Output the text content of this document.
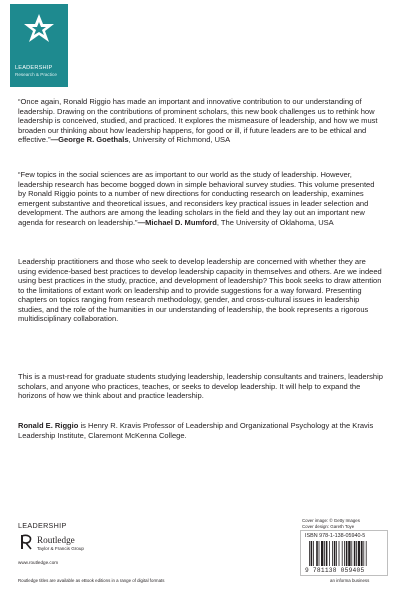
LEADERSHIP
Research & Practice
“Once again, Ronald Riggio has made an important and innovative contribution to our understanding of leadership. Drawing on the contributions of prominent scholars, this new book challenges us to rethink how leadership is conceived, studied, and practiced. It explores the mismeasure of leadership, and how we must broaden our thinking about how leadership happens, for good or ill, if future leaders are to be ethical and effective.”—George R. Goethals, University of Richmond, USA
“Few topics in the social sciences are as important to our world as the study of leadership. However, leadership research has become bogged down in simple behavioral survey studies. This volume presented by Ronald Riggio points to a number of new directions for conducting research on leadership, examines emergent substantive and theoretical issues, and reconsiders key practical issues in leader selection and development. The authors are among the leading scholars in the field and they lay out an important new agenda for research on leadership.”—Michael D. Mumford, The University of Oklahoma, USA
Leadership practitioners and those who seek to develop leadership are concerned with whether they are using evidence-based best practices to develop leadership capacity in themselves and others. Are we indeed using best practices in the study, practice, and development of leadership? This book seeks to draw attention to the limitations of extant work on leadership and to provide suggestions for a way forward. Presenting chapters on topics ranging from research methodology, gender, and cross-cultural issues in leadership studies, and the role of the humanities in our understanding of leadership, the book represents a rigorous multidisciplinary collaboration.
This is a must-read for graduate students studying leadership, leadership consultants and trainers, leadership scholars, and anyone who practices, teaches, or seeks to develop leadership. It will help to expand the horizons of how we think about and practice leadership.
Ronald E. Riggio is Henry R. Kravis Professor of Leadership and Organizational Psychology at the Kravis Leadership Institute, Claremont McKenna College.
LEADERSHIP
Routledge
Taylor & Francis Group
www.routledge.com
Routledge titles are available as eBook editions in a range of digital formats
Cover image: © Getty Images
Cover design: Gareth Toye
ISBN 978-1-138-05940-5
9 781138 059405
an informa business
